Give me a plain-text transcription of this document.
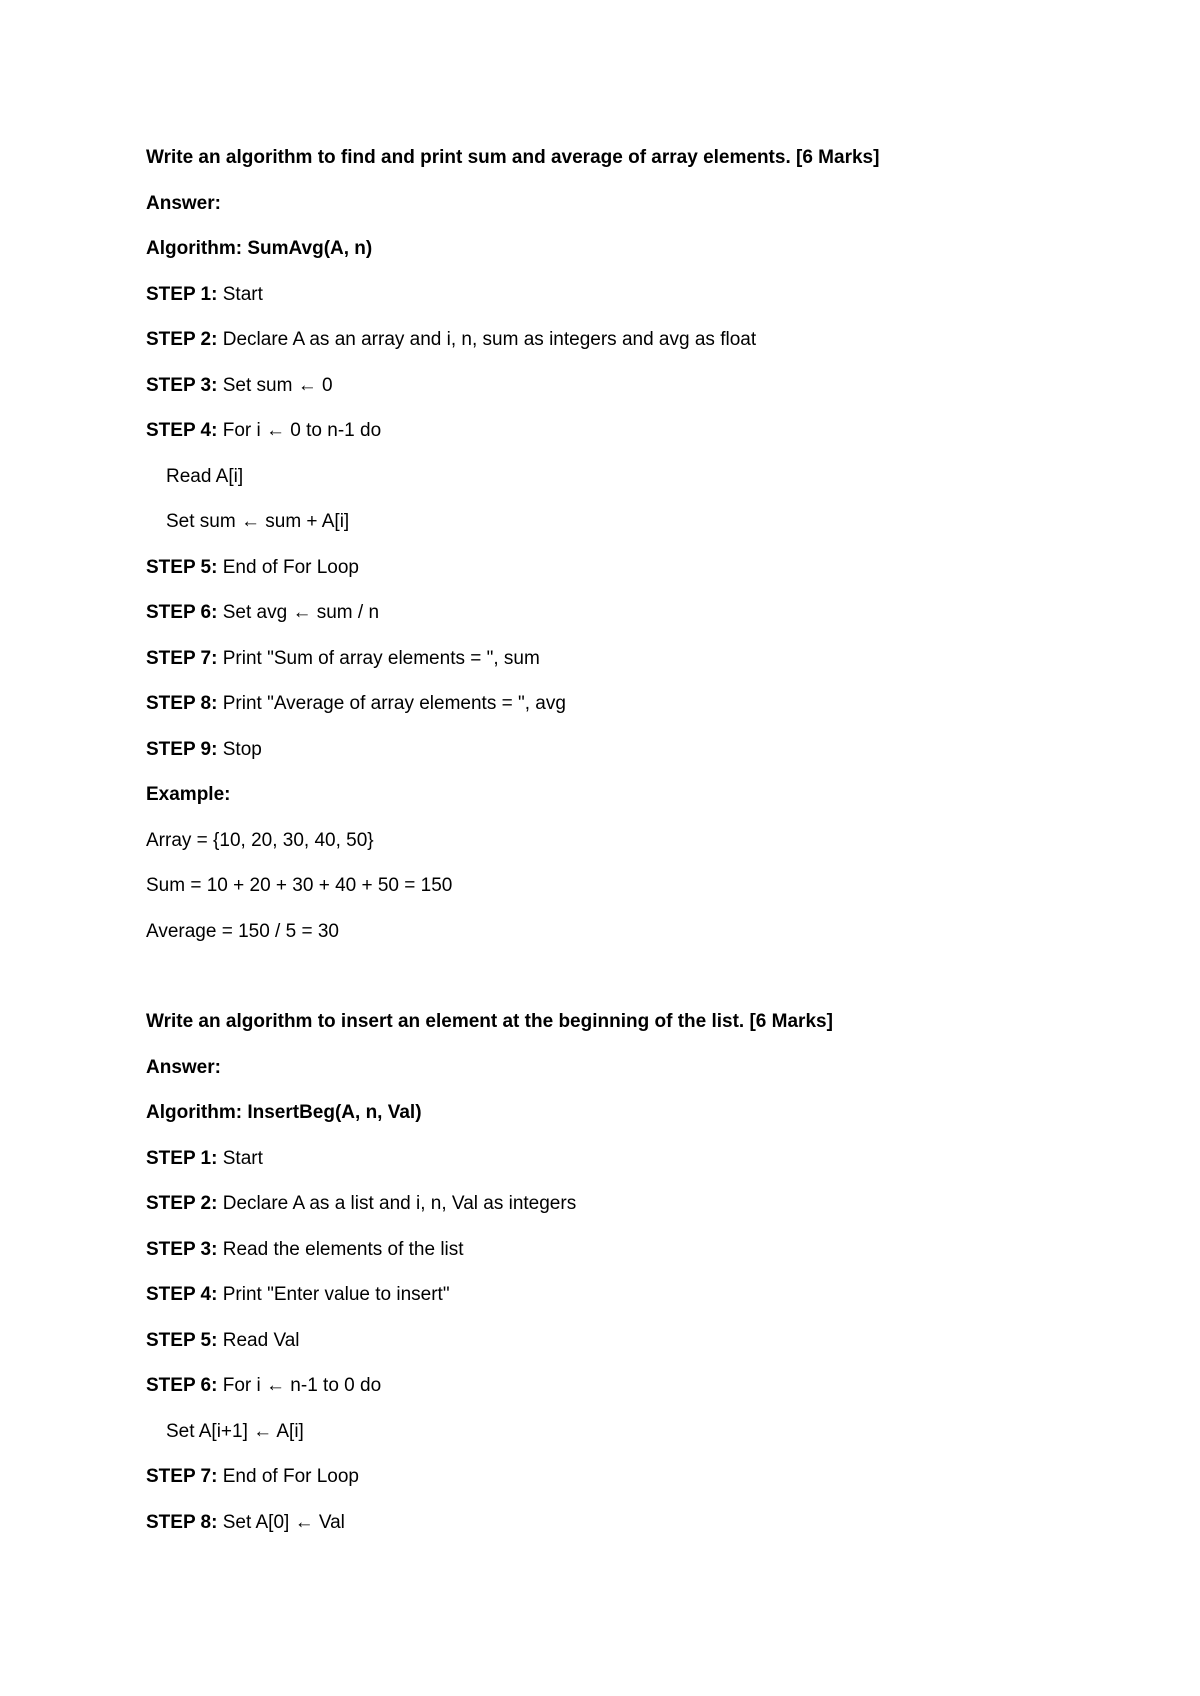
Write an algorithm to find and print sum and average of array elements. [6 Marks]
Answer:
Algorithm: SumAvg(A, n)
STEP 1: Start
STEP 2: Declare A as an array and i, n, sum as integers and avg as float
STEP 3: Set sum ← 0
STEP 4: For i ← 0 to n-1 do
Read A[i]
Set sum ← sum + A[i]
STEP 5: End of For Loop
STEP 6: Set avg ← sum / n
STEP 7: Print "Sum of array elements = ", sum
STEP 8: Print "Average of array elements = ", avg
STEP 9: Stop
Example:
Array = {10, 20, 30, 40, 50}
Sum = 10 + 20 + 30 + 40 + 50 = 150
Average = 150 / 5 = 30
Write an algorithm to insert an element at the beginning of the list. [6 Marks]
Answer:
Algorithm: InsertBeg(A, n, Val)
STEP 1: Start
STEP 2: Declare A as a list and i, n, Val as integers
STEP 3: Read the elements of the list
STEP 4: Print "Enter value to insert"
STEP 5: Read Val
STEP 6: For i ← n-1 to 0 do
Set A[i+1] ← A[i]
STEP 7: End of For Loop
STEP 8: Set A[0] ← Val
